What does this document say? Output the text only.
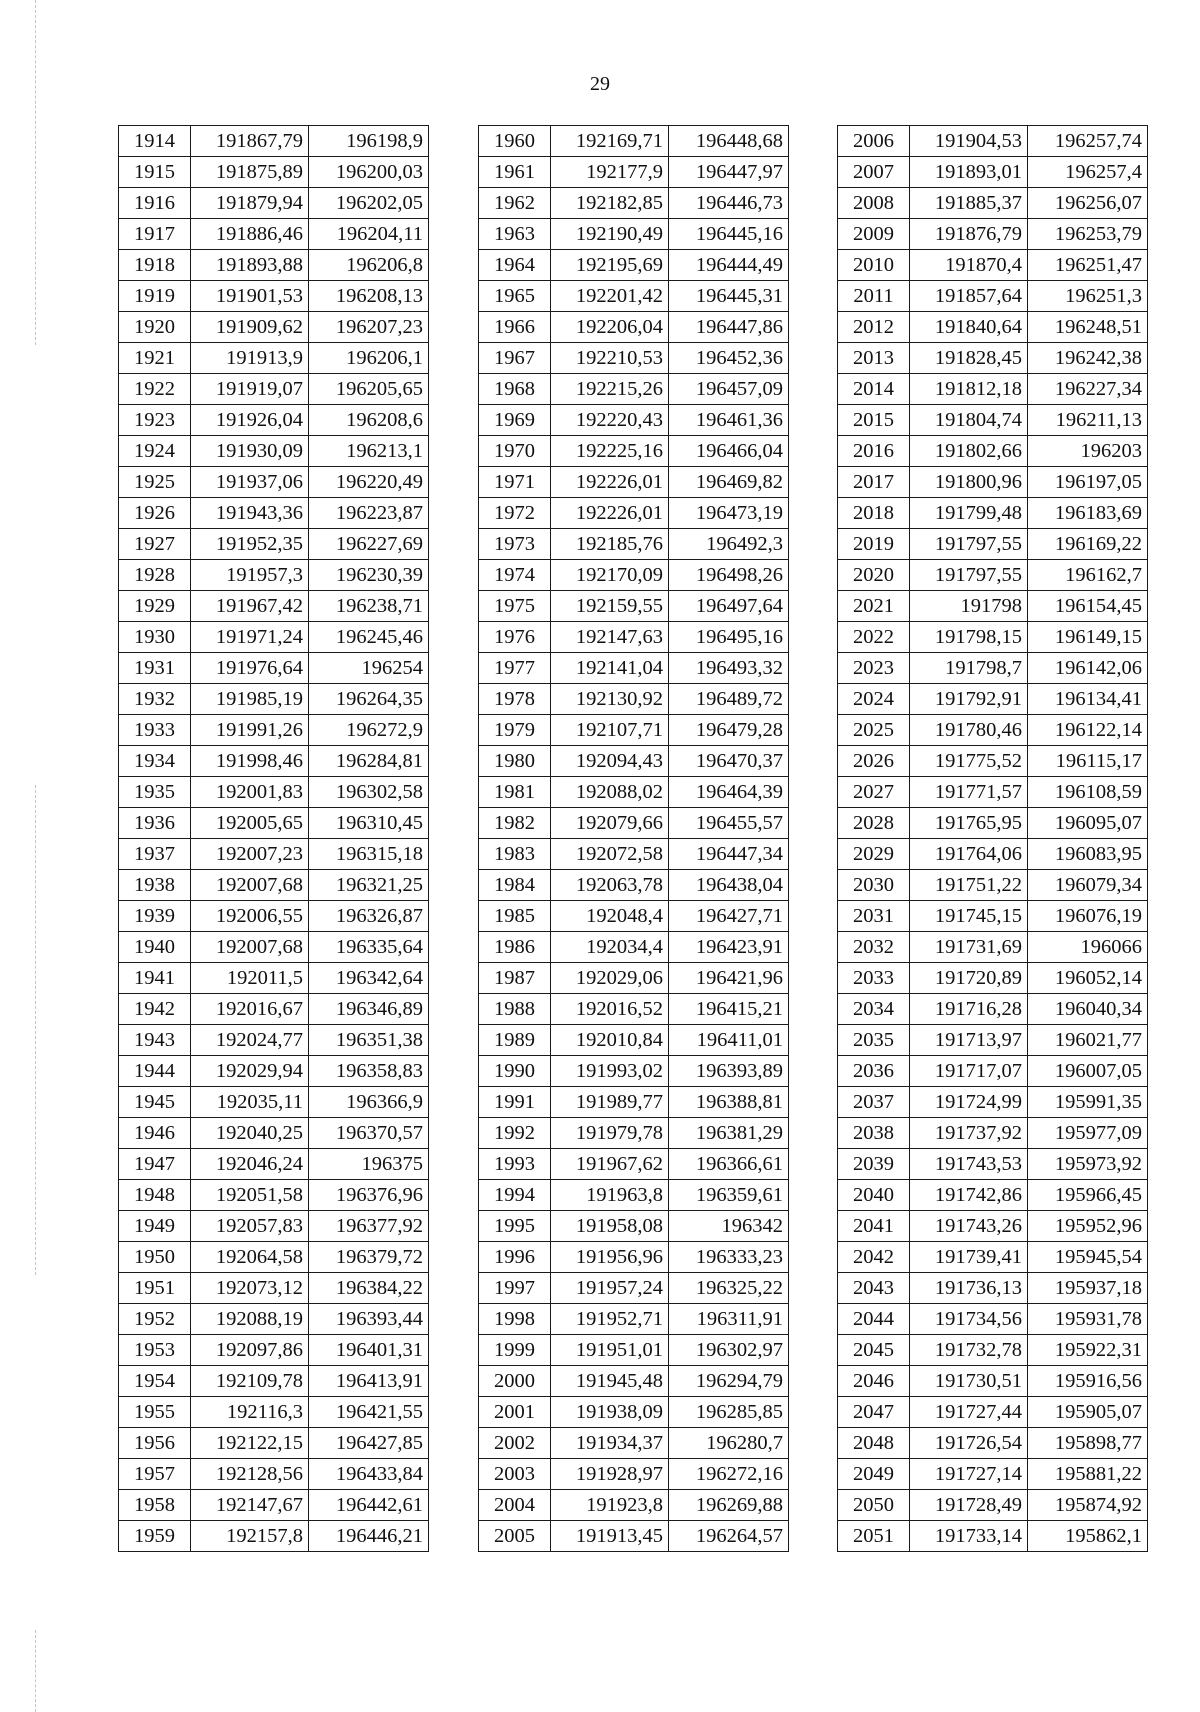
29
1914	191867,79	196198,9
1915	191875,89	196200,03
1916	191879,94	196202,05
1917	191886,46	196204,11
1918	191893,88	196206,8
1919	191901,53	196208,13
1920	191909,62	196207,23
1921	191913,9	196206,1
1922	191919,07	196205,65
1923	191926,04	196208,6
1924	191930,09	196213,1
1925	191937,06	196220,49
1926	191943,36	196223,87
1927	191952,35	196227,69
1928	191957,3	196230,39
1929	191967,42	196238,71
1930	191971,24	196245,46
1931	191976,64	196254
1932	191985,19	196264,35
1933	191991,26	196272,9
1934	191998,46	196284,81
1935	192001,83	196302,58
1936	192005,65	196310,45
1937	192007,23	196315,18
1938	192007,68	196321,25
1939	192006,55	196326,87
1940	192007,68	196335,64
1941	192011,5	196342,64
1942	192016,67	196346,89
1943	192024,77	196351,38
1944	192029,94	196358,83
1945	192035,11	196366,9
1946	192040,25	196370,57
1947	192046,24	196375
1948	192051,58	196376,96
1949	192057,83	196377,92
1950	192064,58	196379,72
1951	192073,12	196384,22
1952	192088,19	196393,44
1953	192097,86	196401,31
1954	192109,78	196413,91
1955	192116,3	196421,55
1956	192122,15	196427,85
1957	192128,56	196433,84
1958	192147,67	196442,61
1959	192157,8	196446,21
1960	192169,71	196448,68
1961	192177,9	196447,97
1962	192182,85	196446,73
1963	192190,49	196445,16
1964	192195,69	196444,49
1965	192201,42	196445,31
1966	192206,04	196447,86
1967	192210,53	196452,36
1968	192215,26	196457,09
1969	192220,43	196461,36
1970	192225,16	196466,04
1971	192226,01	196469,82
1972	192226,01	196473,19
1973	192185,76	196492,3
1974	192170,09	196498,26
1975	192159,55	196497,64
1976	192147,63	196495,16
1977	192141,04	196493,32
1978	192130,92	196489,72
1979	192107,71	196479,28
1980	192094,43	196470,37
1981	192088,02	196464,39
1982	192079,66	196455,57
1983	192072,58	196447,34
1984	192063,78	196438,04
1985	192048,4	196427,71
1986	192034,4	196423,91
1987	192029,06	196421,96
1988	192016,52	196415,21
1989	192010,84	196411,01
1990	191993,02	196393,89
1991	191989,77	196388,81
1992	191979,78	196381,29
1993	191967,62	196366,61
1994	191963,8	196359,61
1995	191958,08	196342
1996	191956,96	196333,23
1997	191957,24	196325,22
1998	191952,71	196311,91
1999	191951,01	196302,97
2000	191945,48	196294,79
2001	191938,09	196285,85
2002	191934,37	196280,7
2003	191928,97	196272,16
2004	191923,8	196269,88
2005	191913,45	196264,57
2006	191904,53	196257,74
2007	191893,01	196257,4
2008	191885,37	196256,07
2009	191876,79	196253,79
2010	191870,4	196251,47
2011	191857,64	196251,3
2012	191840,64	196248,51
2013	191828,45	196242,38
2014	191812,18	196227,34
2015	191804,74	196211,13
2016	191802,66	196203
2017	191800,96	196197,05
2018	191799,48	196183,69
2019	191797,55	196169,22
2020	191797,55	196162,7
2021	191798	196154,45
2022	191798,15	196149,15
2023	191798,7	196142,06
2024	191792,91	196134,41
2025	191780,46	196122,14
2026	191775,52	196115,17
2027	191771,57	196108,59
2028	191765,95	196095,07
2029	191764,06	196083,95
2030	191751,22	196079,34
2031	191745,15	196076,19
2032	191731,69	196066
2033	191720,89	196052,14
2034	191716,28	196040,34
2035	191713,97	196021,77
2036	191717,07	196007,05
2037	191724,99	195991,35
2038	191737,92	195977,09
2039	191743,53	195973,92
2040	191742,86	195966,45
2041	191743,26	195952,96
2042	191739,41	195945,54
2043	191736,13	195937,18
2044	191734,56	195931,78
2045	191732,78	195922,31
2046	191730,51	195916,56
2047	191727,44	195905,07
2048	191726,54	195898,77
2049	191727,14	195881,22
2050	191728,49	195874,92
2051	191733,14	195862,1
